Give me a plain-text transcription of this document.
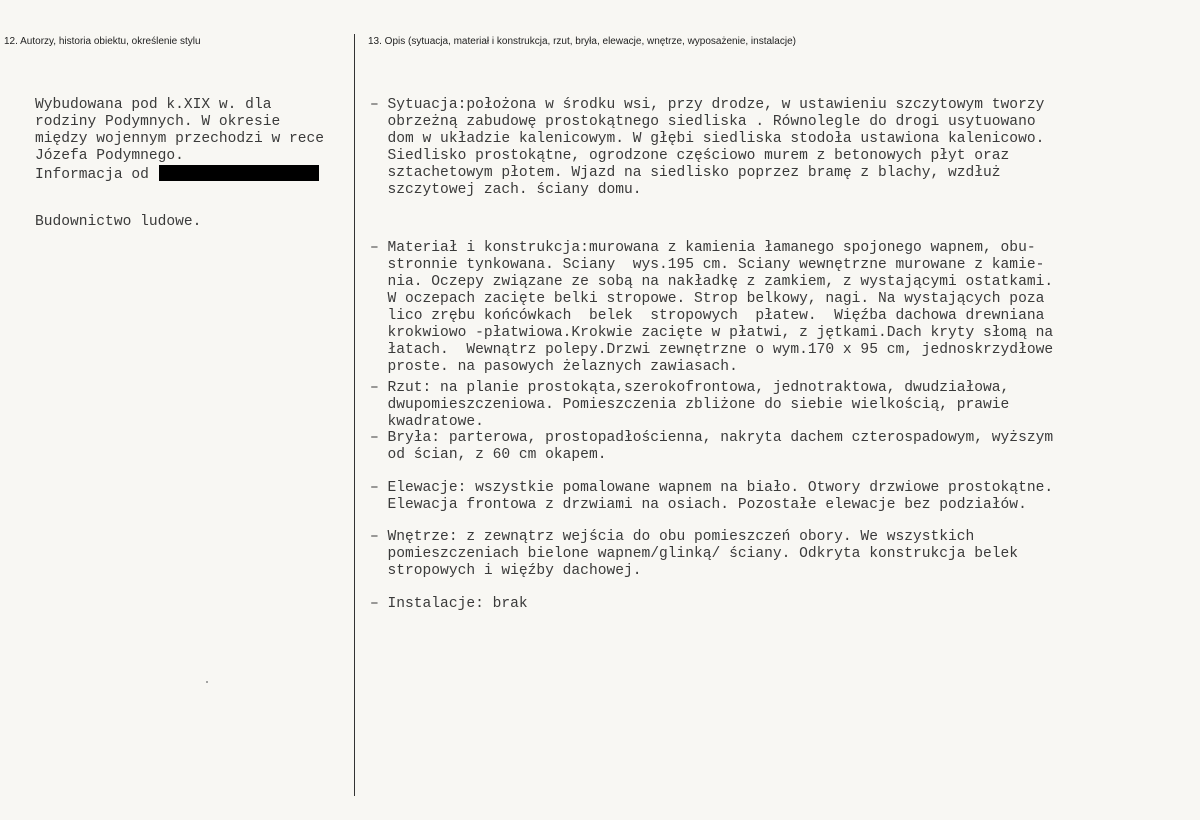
12. Autorzy, historia obiektu, określenie stylu	13. Opis (sytuacja, materiał i konstrukcja, rzut, bryła, elewacje, wnętrze, wyposażenie, instalacje)
Wybudowana pod k.XIX w. dla
rodziny Podymnych. W okresie
między wojennym przechodzi w rece
Józefa Podymnego.
Informacja od
Budownictwo ludowe.
– Sytuacja:położona w środku wsi, przy drodze, w ustawieniu szczytowym tworzy
obrzeżną zabudowę prostokątnego siedliska . Równolegle do drogi usytuowano
dom w układzie kalenicowym. W głębi siedliska stodoła ustawiona kalenicowo.
Siedlisko prostokątne, ogrodzone częściowo murem z betonowych płyt oraz
sztachetowym płotem. Wjazd na siedlisko poprzez bramę z blachy, wzdłuż
szczytowej zach. ściany domu.
– Materiał i konstrukcja:murowana z kamienia łamanego spojonego wapnem, obu-
stronnie tynkowana. Sciany  wys.195 cm. Sciany wewnętrzne murowane z kamie-
nia. Oczepy związane ze sobą na nakładkę z zamkiem, z wystającymi ostatkami.
W oczepach zacięte belki stropowe. Strop belkowy, nagi. Na wystających poza
lico zrębu końcówkach  belek  stropowych  płatew.  Więźba dachowa drewniana
krokwiowo -płatwiowa.Krokwie zacięte w płatwi, z jętkami.Dach kryty słomą na
łatach.  Wewnątrz polepy.Drzwi zewnętrzne o wym.170 x 95 cm, jednoskrzydłowe
proste. na pasowych żelaznych zawiasach.
– Rzut: na planie prostokąta,szerokofrontowa, jednotraktowa, dwudziałowa,
dwupomieszczeniowa. Pomieszczenia zbliżone do siebie wielkością, prawie
kwadratowe.
– Bryła: parterowa, prostopadłościenna, nakryta dachem czterospadowym, wyższym
od ścian, z 60 cm okapem.
– Elewacje: wszystkie pomalowane wapnem na biało. Otwory drzwiowe prostokątne.
Elewacja frontowa z drzwiami na osiach. Pozostałe elewacje bez podziałów.
– Wnętrze: z zewnątrz wejścia do obu pomieszczeń obory. We wszystkich
pomieszczeniach bielone wapnem/glinką/ ściany. Odkryta konstrukcja belek
stropowych i więźby dachowej.
– Instalacje: brak
